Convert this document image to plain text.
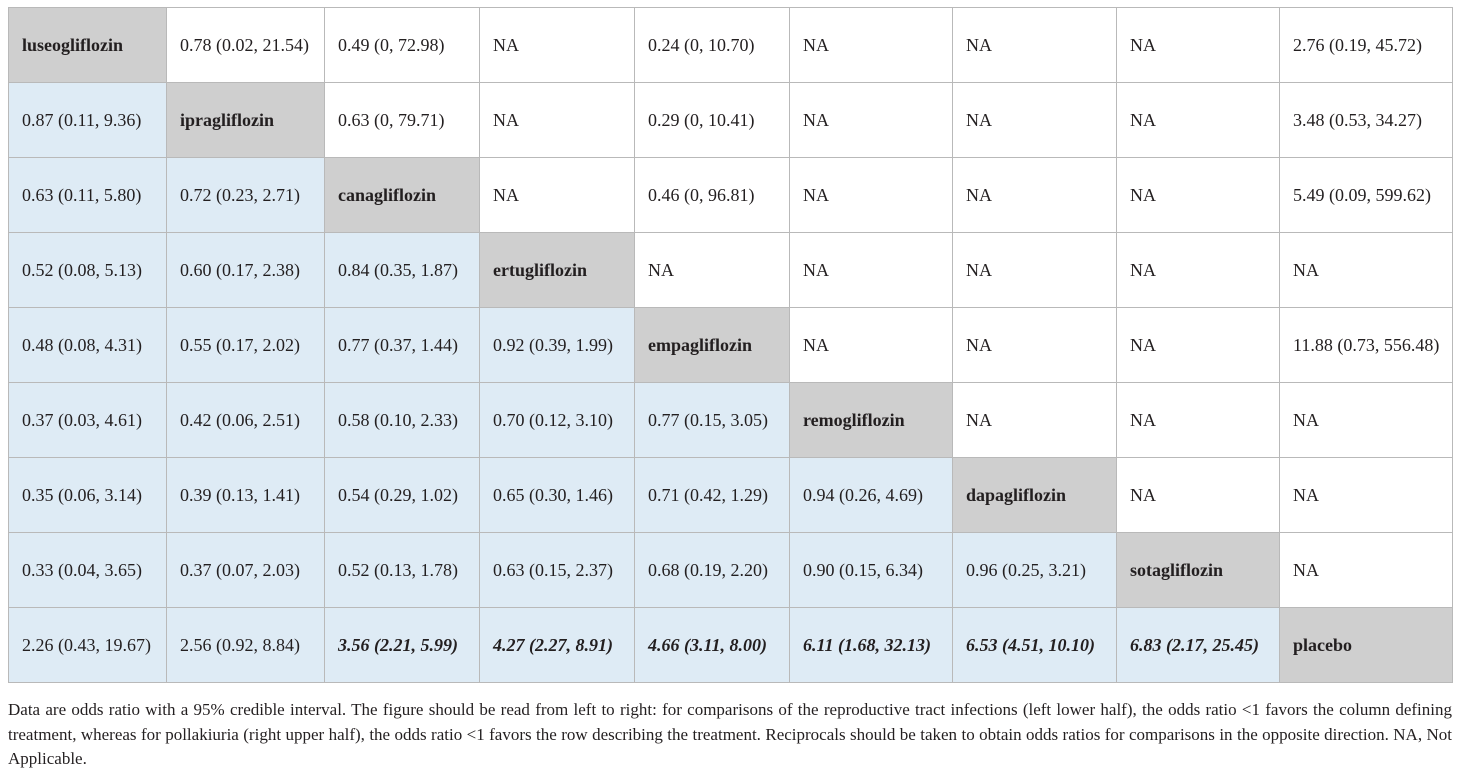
luseogliflozin	0.78 (0.02, 21.54)	0.49 (0, 72.98)	NA	0.24 (0, 10.70)	NA	NA	NA	2.76 (0.19, 45.72)
0.87 (0.11, 9.36)	ipragliflozin	0.63 (0, 79.71)	NA	0.29 (0, 10.41)	NA	NA	NA	3.48 (0.53, 34.27)
0.63 (0.11, 5.80)	0.72 (0.23, 2.71)	canagliflozin	NA	0.46 (0, 96.81)	NA	NA	NA	5.49 (0.09, 599.62)
0.52 (0.08, 5.13)	0.60 (0.17, 2.38)	0.84 (0.35, 1.87)	ertugliflozin	NA	NA	NA	NA	NA
0.48 (0.08, 4.31)	0.55 (0.17, 2.02)	0.77 (0.37, 1.44)	0.92 (0.39, 1.99)	empagliflozin	NA	NA	NA	11.88 (0.73, 556.48)
0.37 (0.03, 4.61)	0.42 (0.06, 2.51)	0.58 (0.10, 2.33)	0.70 (0.12, 3.10)	0.77 (0.15, 3.05)	remogliflozin	NA	NA	NA
0.35 (0.06, 3.14)	0.39 (0.13, 1.41)	0.54 (0.29, 1.02)	0.65 (0.30, 1.46)	0.71 (0.42, 1.29)	0.94 (0.26, 4.69)	dapagliflozin	NA	NA
0.33 (0.04, 3.65)	0.37 (0.07, 2.03)	0.52 (0.13, 1.78)	0.63 (0.15, 2.37)	0.68 (0.19, 2.20)	0.90 (0.15, 6.34)	0.96 (0.25, 3.21)	sotagliflozin	NA
2.26 (0.43, 19.67)	2.56 (0.92, 8.84)	3.56 (2.21, 5.99)	4.27 (2.27, 8.91)	4.66 (3.11, 8.00)	6.11 (1.68, 32.13)	6.53 (4.51, 10.10)	6.83 (2.17, 25.45)	placebo
Data are odds ratio with a 95% credible interval. The figure should be read from left to right: for comparisons of the reproductive tract infections (left lower half), the odds ratio <1 favors the column defining treatment, whereas for pollakiuria (right upper half), the odds ratio <1 favors the row describing the treatment. Reciprocals should be taken to obtain odds ratios for comparisons in the opposite direction. NA, Not Applicable.
